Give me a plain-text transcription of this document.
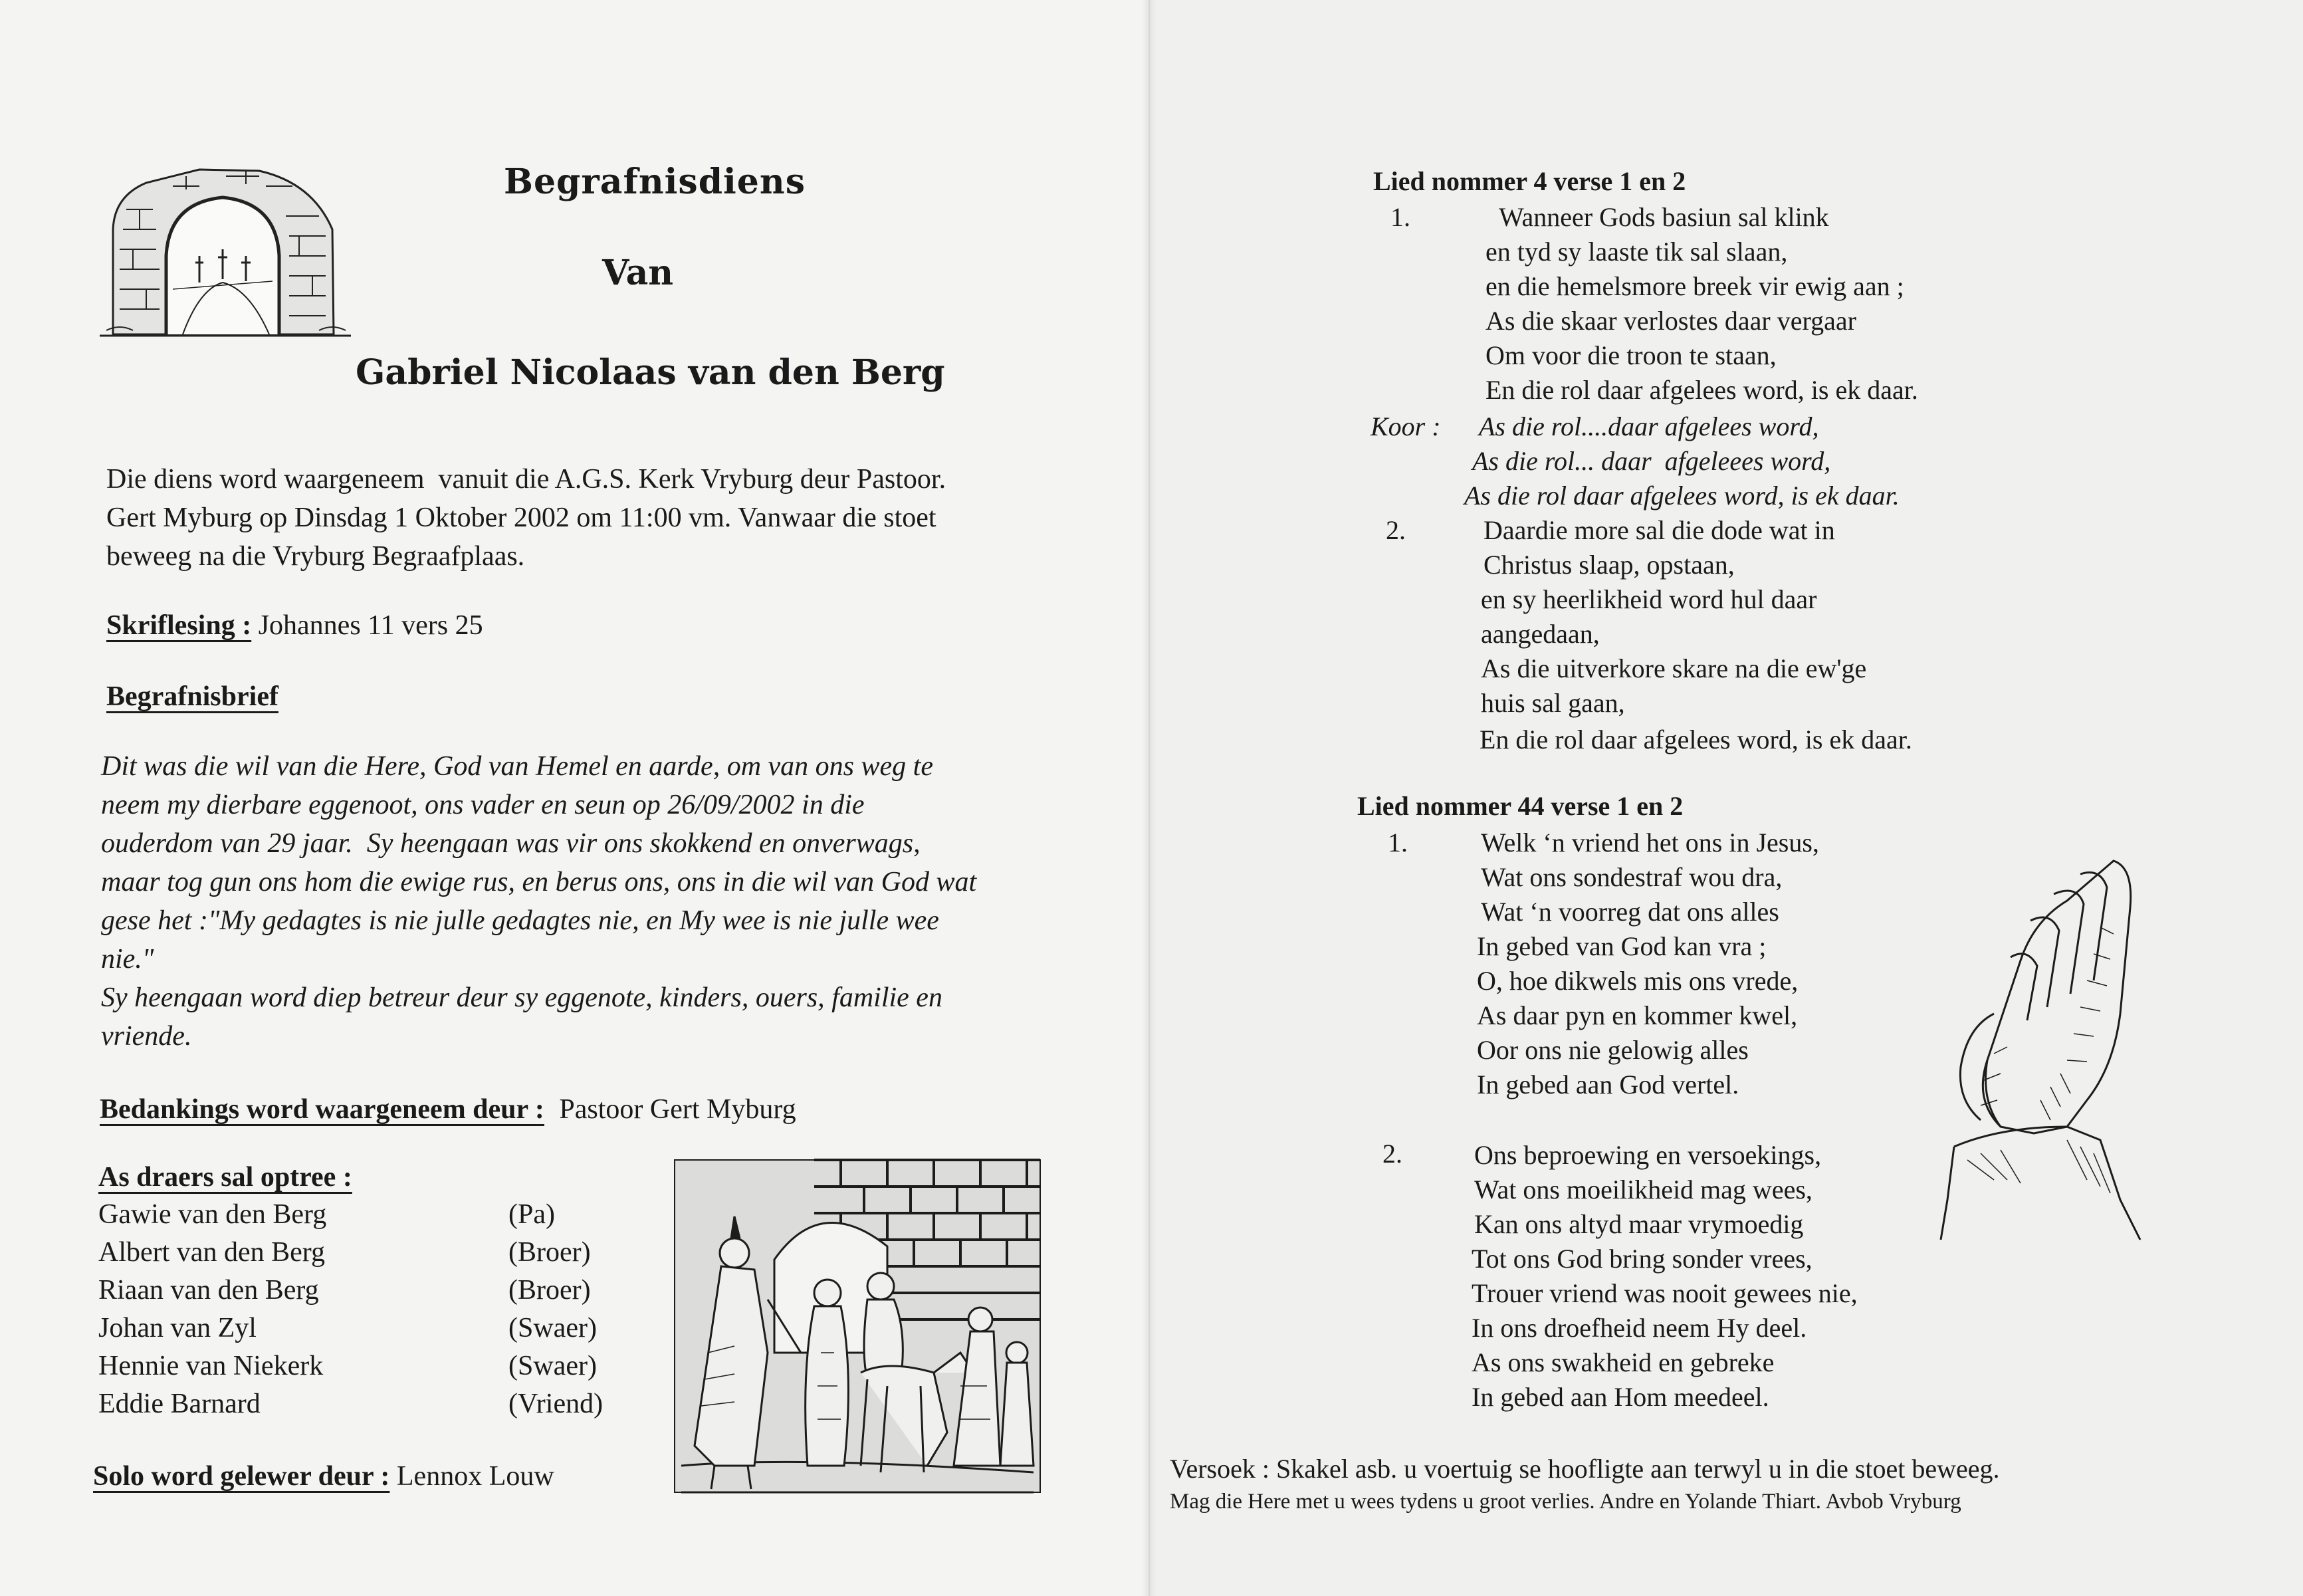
Begrafnisdiens
Van
Gabriel Nicolaas van den Berg
Die diens word waargeneem  vanuit die A.G.S. Kerk Vryburg deur Pastoor.
Gert Myburg op Dinsdag 1 Oktober 2002 om 11:00 vm. Vanwaar die stoet
beweeg na die Vryburg Begraafplaas.
Skriflesing : Johannes 11 vers 25
Begrafnisbrief
Dit was die wil van die Here, God van Hemel en aarde, om van ons weg te
neem my dierbare eggenoot, ons vader en seun op 26/09/2002 in die
ouderdom van 29 jaar.  Sy heengaan was vir ons skokkend en onverwags,
maar tog gun ons hom die ewige rus, en berus ons, ons in die wil van God wat
gese het :"My gedagtes is nie julle gedagtes nie, en My wee is nie julle wee
nie."
Sy heengaan word diep betreur deur sy eggenote, kinders, ouers, familie en
vriende.
Bedankings word waargeneem deur : Pastoor Gert Myburg
As draers sal optree :
Gawie van den Berg	(Pa)
Albert van den Berg	(Broer)
Riaan van den Berg	(Broer)
Johan van Zyl	(Swaer)
Hennie van Niekerk	(Swaer)
Eddie Barnard	(Vriend)
Solo word gelewer deur : Lennox Louw
Lied nommer 4 verse 1 en 2
1.	Wanneer Gods basiun sal klink
en tyd sy laaste tik sal slaan,
en die hemelsmore breek vir ewig aan ;
As die skaar verlostes daar vergaar
Om voor die troon te staan,
En die rol daar afgelees word, is ek daar.
Koor : As die rol....daar afgelees word,
As die rol... daar  afgeleees word,
As die rol daar afgelees word, is ek daar.
2.	Daardie more sal die dode wat in
Christus slaap, opstaan,
en sy heerlikheid word hul daar
aangedaan,
As die uitverkore skare na die ew'ge
huis sal gaan,
En die rol daar afgelees word, is ek daar.
Lied nommer 44 verse 1 en 2
1.	Welk ‘n vriend het ons in Jesus,
Wat ons sondestraf wou dra,
Wat ‘n voorreg dat ons alles
In gebed van God kan vra ;
O, hoe dikwels mis ons vrede,
As daar pyn en kommer kwel,
Oor ons nie gelowig alles
In gebed aan God vertel.
2.	Ons beproewing en versoekings,
Wat ons moeilikheid mag wees,
Kan ons altyd maar vrymoedig
Tot ons God bring sonder vrees,
Trouer vriend was nooit gewees nie,
In ons droefheid neem Hy deel.
As ons swakheid en gebreke
In gebed aan Hom meedeel.
Versoek : Skakel asb. u voertuig se hoofligte aan terwyl u in die stoet beweeg.
Mag die Here met u wees tydens u groot verlies. Andre en Yolande Thiart. Avbob Vryburg
